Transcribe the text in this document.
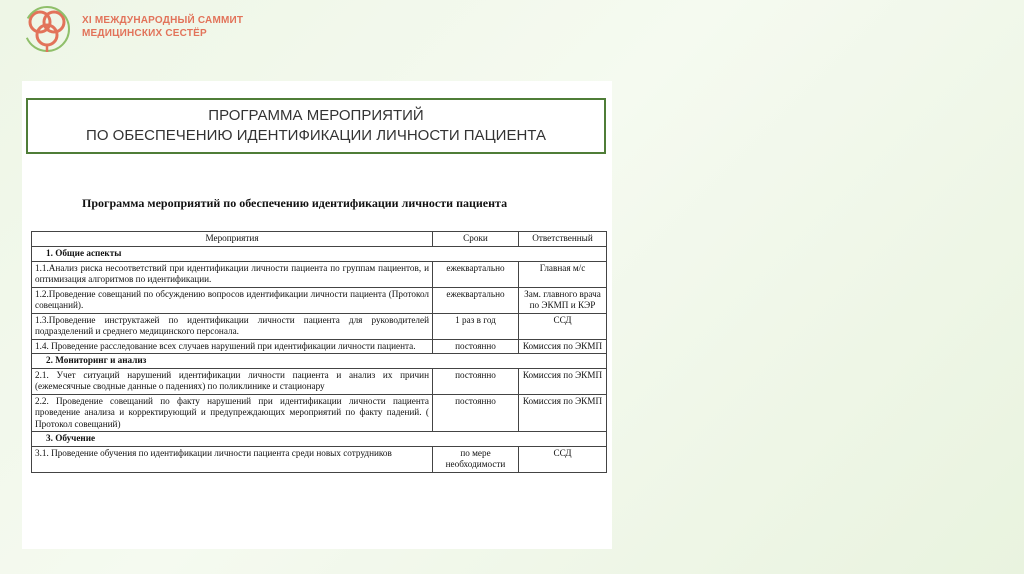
XI МЕЖДУНАРОДНЫЙ САММИТ
МЕДИЦИНСКИХ СЕСТЁР
ПРОГРАММА МЕРОПРИЯТИЙ
ПО ОБЕСПЕЧЕНИЮ ИДЕНТИФИКАЦИИ ЛИЧНОСТИ ПАЦИЕНТА
Программа мероприятий по обеспечению идентификации личности пациента
Мероприятия	Сроки	Ответственный
1. Общие аспекты		
1.1.Анализ риска несоответствий при идентификации личности пациента по группам пациентов, и оптимизация алгоритмов по идентификации.	ежеквартально	Главная м/с
1.2.Проведение совещаний по обсуждению вопросов идентификации личности пациента (Протокол совещаний).	ежеквартально	Зам. главного врача по ЭКМП и КЭР
1.3.Проведение инструктажей по идентификации личности пациента для руководителей подразделений и среднего медицинского персонала.	1 раз в год	ССД
1.4. Проведение расследование всех случаев нарушений при идентификации личности пациента.	постоянно	Комиссия по ЭКМП
2. Мониторинг и анализ		
2.1. Учет ситуаций нарушений идентификации личности пациента и анализ их причин (ежемесячные сводные данные о падениях) по поликлинике и стационару	постоянно	Комиссия по ЭКМП
2.2. Проведение совещаний по факту нарушений при идентификации личности пациента проведение анализа и корректирующий и предупреждающих мероприятий по факту падений. ( Протокол совещаний)	постоянно	Комиссия по ЭКМП
3. Обучение		
3.1. Проведение обучения по идентификации личности пациента среди новых сотрудников	по мере необходимости	ССД
